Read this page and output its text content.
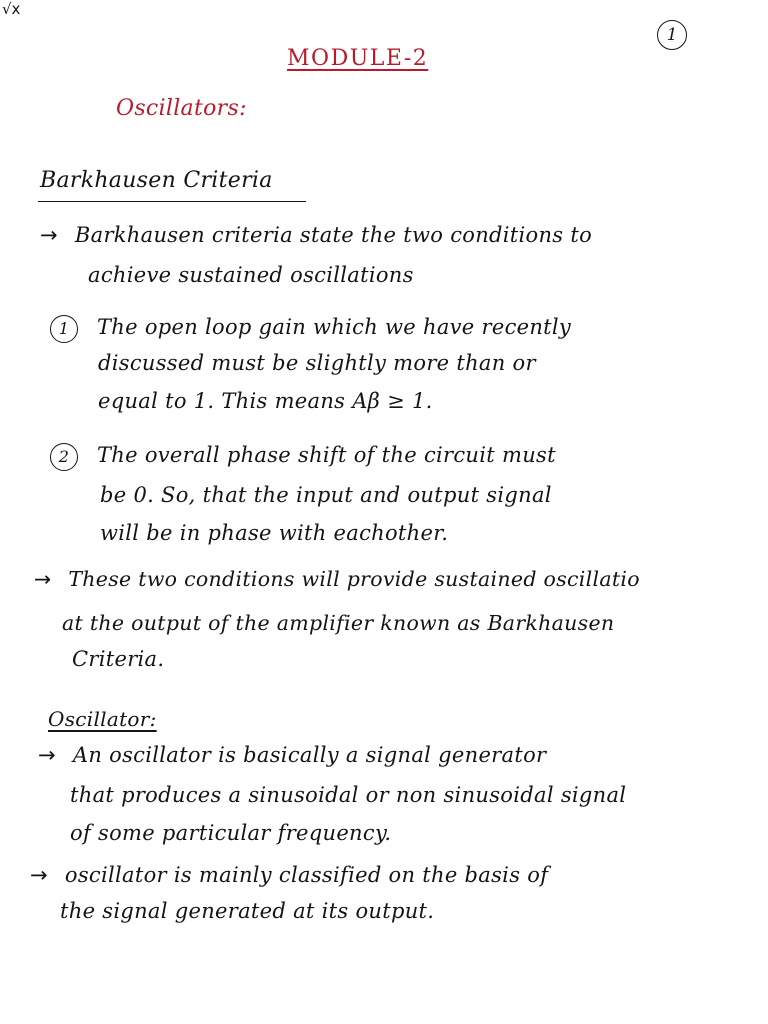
√x
1
MODULE-2
Oscillators:
Barkhausen Criteria
→ Barkhausen criteria state the two conditions to
achieve sustained oscillations
1 The open loop gain which we have recently
discussed must be slightly more than or
equal to 1. This means Aβ ≥ 1.
2 The overall phase shift of the circuit must
be 0. So, that the input and output signal
will be in phase with eachother.
→ These two conditions will provide sustained oscillatio
at the output of the amplifier known as Barkhausen
Criteria.
Oscillator:
→ An oscillator is basically a signal generator
that produces a sinusoidal or non sinusoidal signal
of some particular frequency.
→ oscillator is mainly classified on the basis of
the signal generated at its output.
